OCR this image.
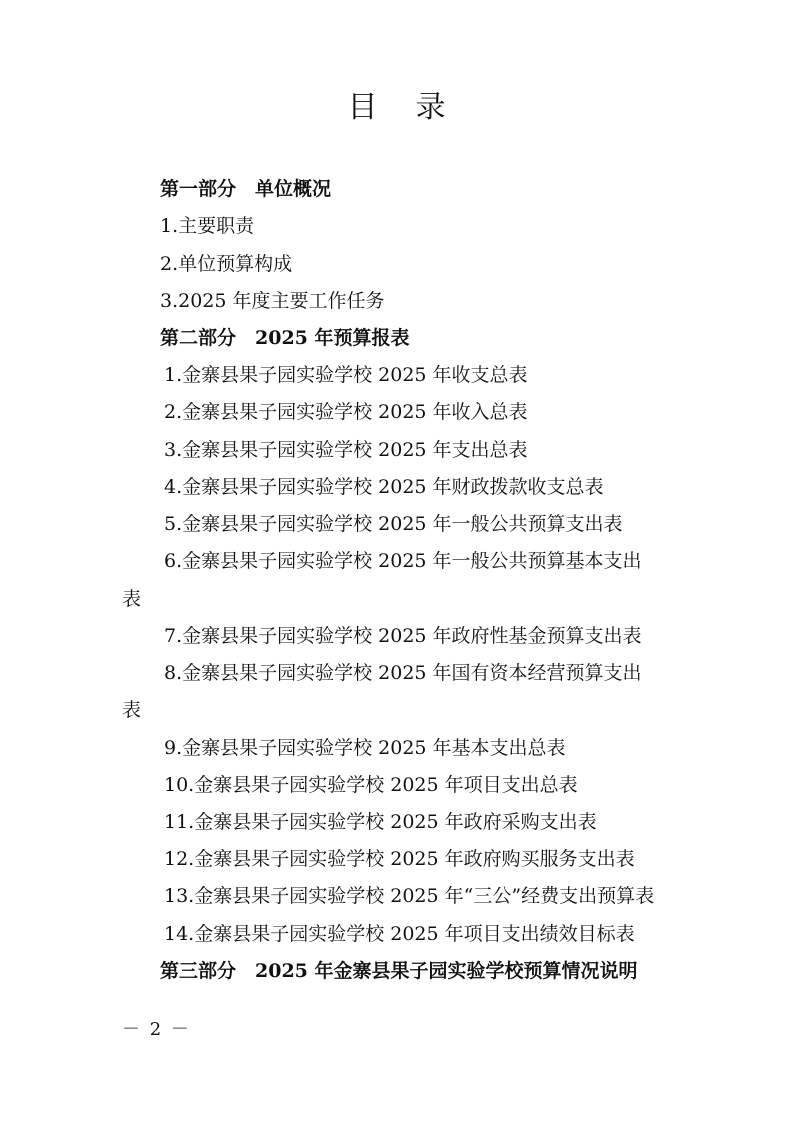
目录
第一部分　单位概况
1.主要职责
2.单位预算构成
3.2025 年度主要工作任务
第二部分　2025 年预算报表
1.金寨县果子园实验学校 2025 年收支总表
2.金寨县果子园实验学校 2025 年收入总表
3.金寨县果子园实验学校 2025 年支出总表
4.金寨县果子园实验学校 2025 年财政拨款收支总表
5.金寨县果子园实验学校 2025 年一般公共预算支出表
6.金寨县果子园实验学校 2025 年一般公共预算基本支出
表
7.金寨县果子园实验学校 2025 年政府性基金预算支出表
8.金寨县果子园实验学校 2025 年国有资本经营预算支出
表
9.金寨县果子园实验学校 2025 年基本支出总表
10.金寨县果子园实验学校 2025 年项目支出总表
11.金寨县果子园实验学校 2025 年政府采购支出表
12.金寨县果子园实验学校 2025 年政府购买服务支出表
13.金寨县果子园实验学校 2025 年“三公”经费支出预算表
14.金寨县果子园实验学校 2025 年项目支出绩效目标表
第三部分　2025 年金寨县果子园实验学校预算情况说明
－ 2 －
